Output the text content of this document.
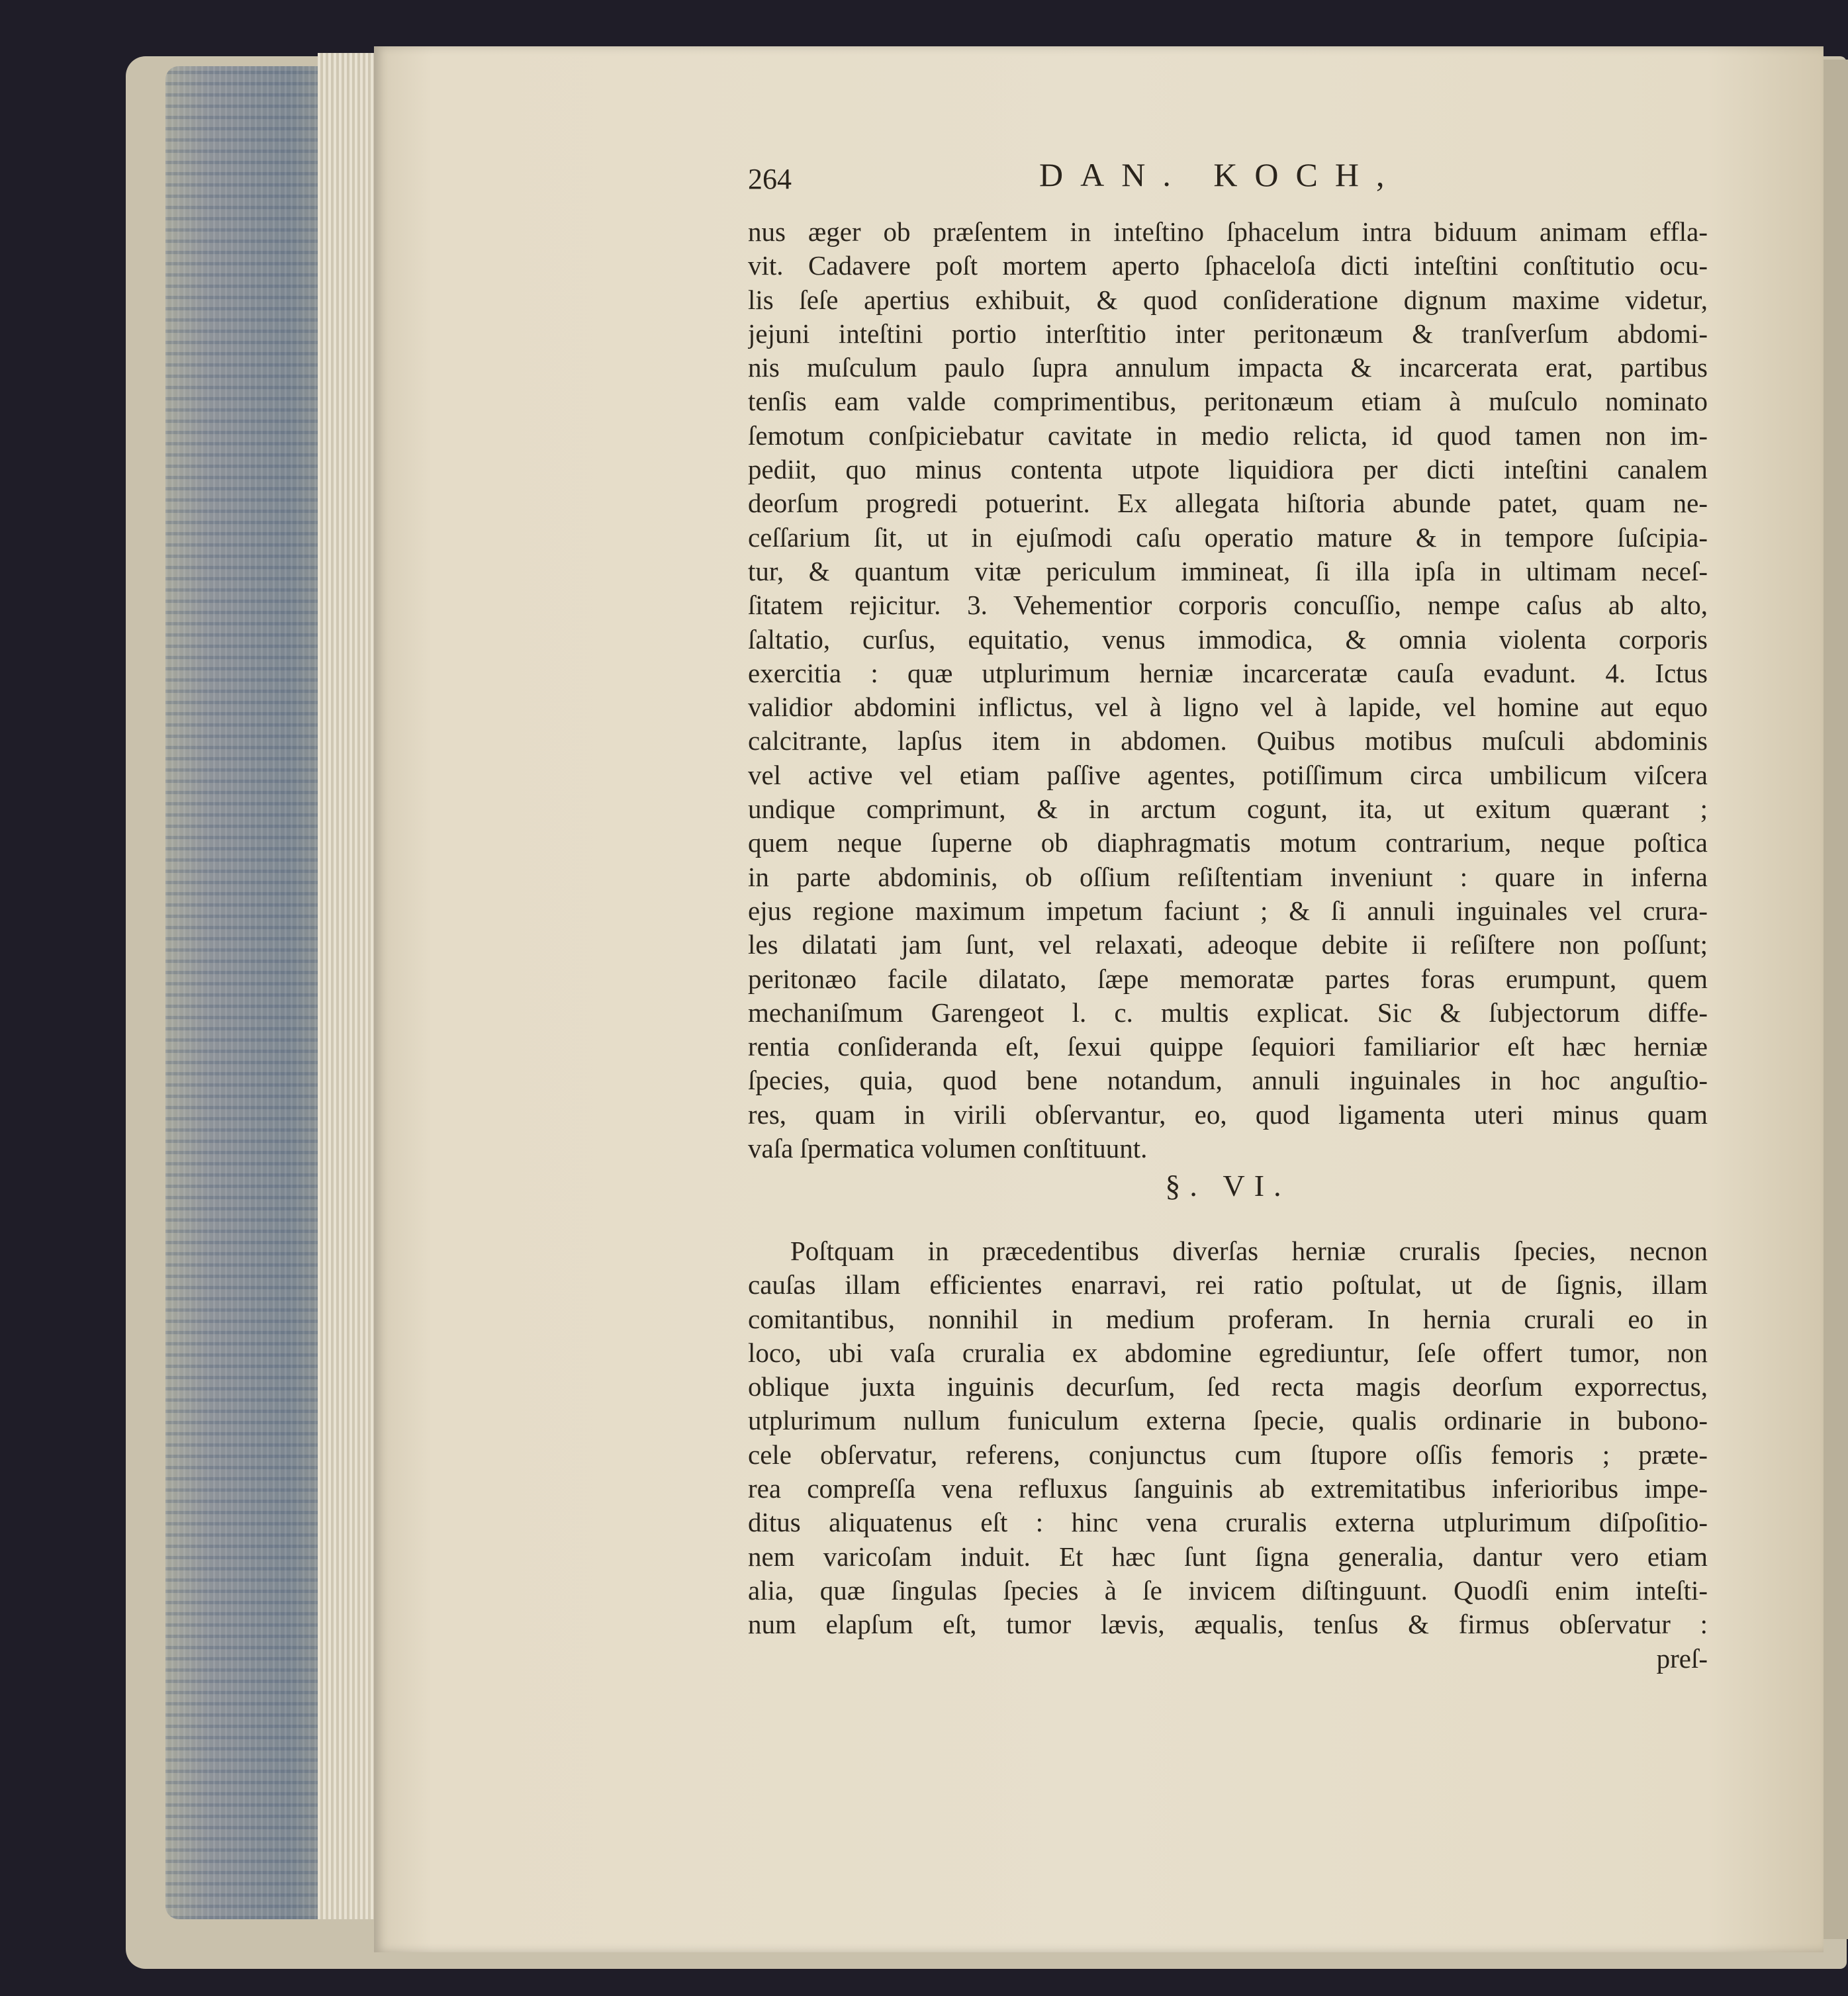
264	DAN. KOCH,
nus æger ob præſentem in inteſtino ſphacelum intra biduum animam effla-
vit. Cadavere poſt mortem aperto ſphaceloſa dicti inteſtini conſtitutio ocu-
lis ſeſe apertius exhibuit, & quod conſideratione dignum maxime videtur,
jejuni inteſtini portio interſtitio inter peritonæum & tranſverſum abdomi-
nis muſculum paulo ſupra annulum impacta & incarcerata erat, partibus
tenſis eam valde comprimentibus, peritonæum etiam à muſculo nominato
ſemotum conſpiciebatur cavitate in medio relicta, id quod tamen non im-
pediit, quo minus contenta utpote liquidiora per dicti inteſtini canalem
deorſum progredi potuerint. Ex allegata hiſtoria abunde patet, quam ne-
ceſſarium ſit, ut in ejuſmodi caſu operatio mature & in tempore ſuſcipia-
tur, & quantum vitæ periculum immineat, ſi illa ipſa in ultimam neceſ-
ſitatem rejicitur. 3. Vehementior corporis concuſſio, nempe caſus ab alto,
ſaltatio, curſus, equitatio, venus immodica, & omnia violenta corporis
exercitia : quæ utplurimum herniæ incarceratæ cauſa evadunt. 4. Ictus
validior abdomini inflictus, vel à ligno vel à lapide, vel homine aut equo
calcitrante, lapſus item in abdomen. Quibus motibus muſculi abdominis
vel active vel etiam paſſive agentes, potiſſimum circa umbilicum viſcera
undique comprimunt, & in arctum cogunt, ita, ut exitum quærant ;
quem neque ſuperne ob diaphragmatis motum contrarium, neque poſtica
in parte abdominis, ob oſſium reſiſtentiam inveniunt : quare in inferna
ejus regione maximum impetum faciunt ; & ſi annuli inguinales vel crura-
les dilatati jam ſunt, vel relaxati, adeoque debite ii reſiſtere non poſſunt;
peritonæo facile dilatato, ſæpe memoratæ partes foras erumpunt, quem
mechaniſmum Garengeot l. c. multis explicat. Sic & ſubjectorum diffe-
rentia conſideranda eſt, ſexui quippe ſequiori familiarior eſt hæc herniæ
ſpecies, quia, quod bene notandum, annuli inguinales in hoc anguſtio-
res, quam in virili obſervantur, eo, quod ligamenta uteri minus quam
vaſa ſpermatica volumen conſtituunt.
§. VI.
Poſtquam in præcedentibus diverſas herniæ cruralis ſpecies, necnon
cauſas illam efficientes enarravi, rei ratio poſtulat, ut de ſignis, illam
comitantibus, nonnihil in medium proferam. In hernia crurali eo in
loco, ubi vaſa cruralia ex abdomine egrediuntur, ſeſe offert tumor, non
oblique juxta inguinis decurſum, ſed recta magis deorſum exporrectus,
utplurimum nullum funiculum externa ſpecie, qualis ordinarie in bubono-
cele obſervatur, referens, conjunctus cum ſtupore oſſis femoris ; præte-
rea compreſſa vena refluxus ſanguinis ab extremitatibus inferioribus impe-
ditus aliquatenus eſt : hinc vena cruralis externa utplurimum diſpoſitio-
nem varicoſam induit. Et hæc ſunt ſigna generalia, dantur vero etiam
alia, quæ ſingulas ſpecies à ſe invicem diſtinguunt. Quodſi enim inteſti-
num elapſum eſt, tumor lævis, æqualis, tenſus & firmus obſervatur :
preſ-
